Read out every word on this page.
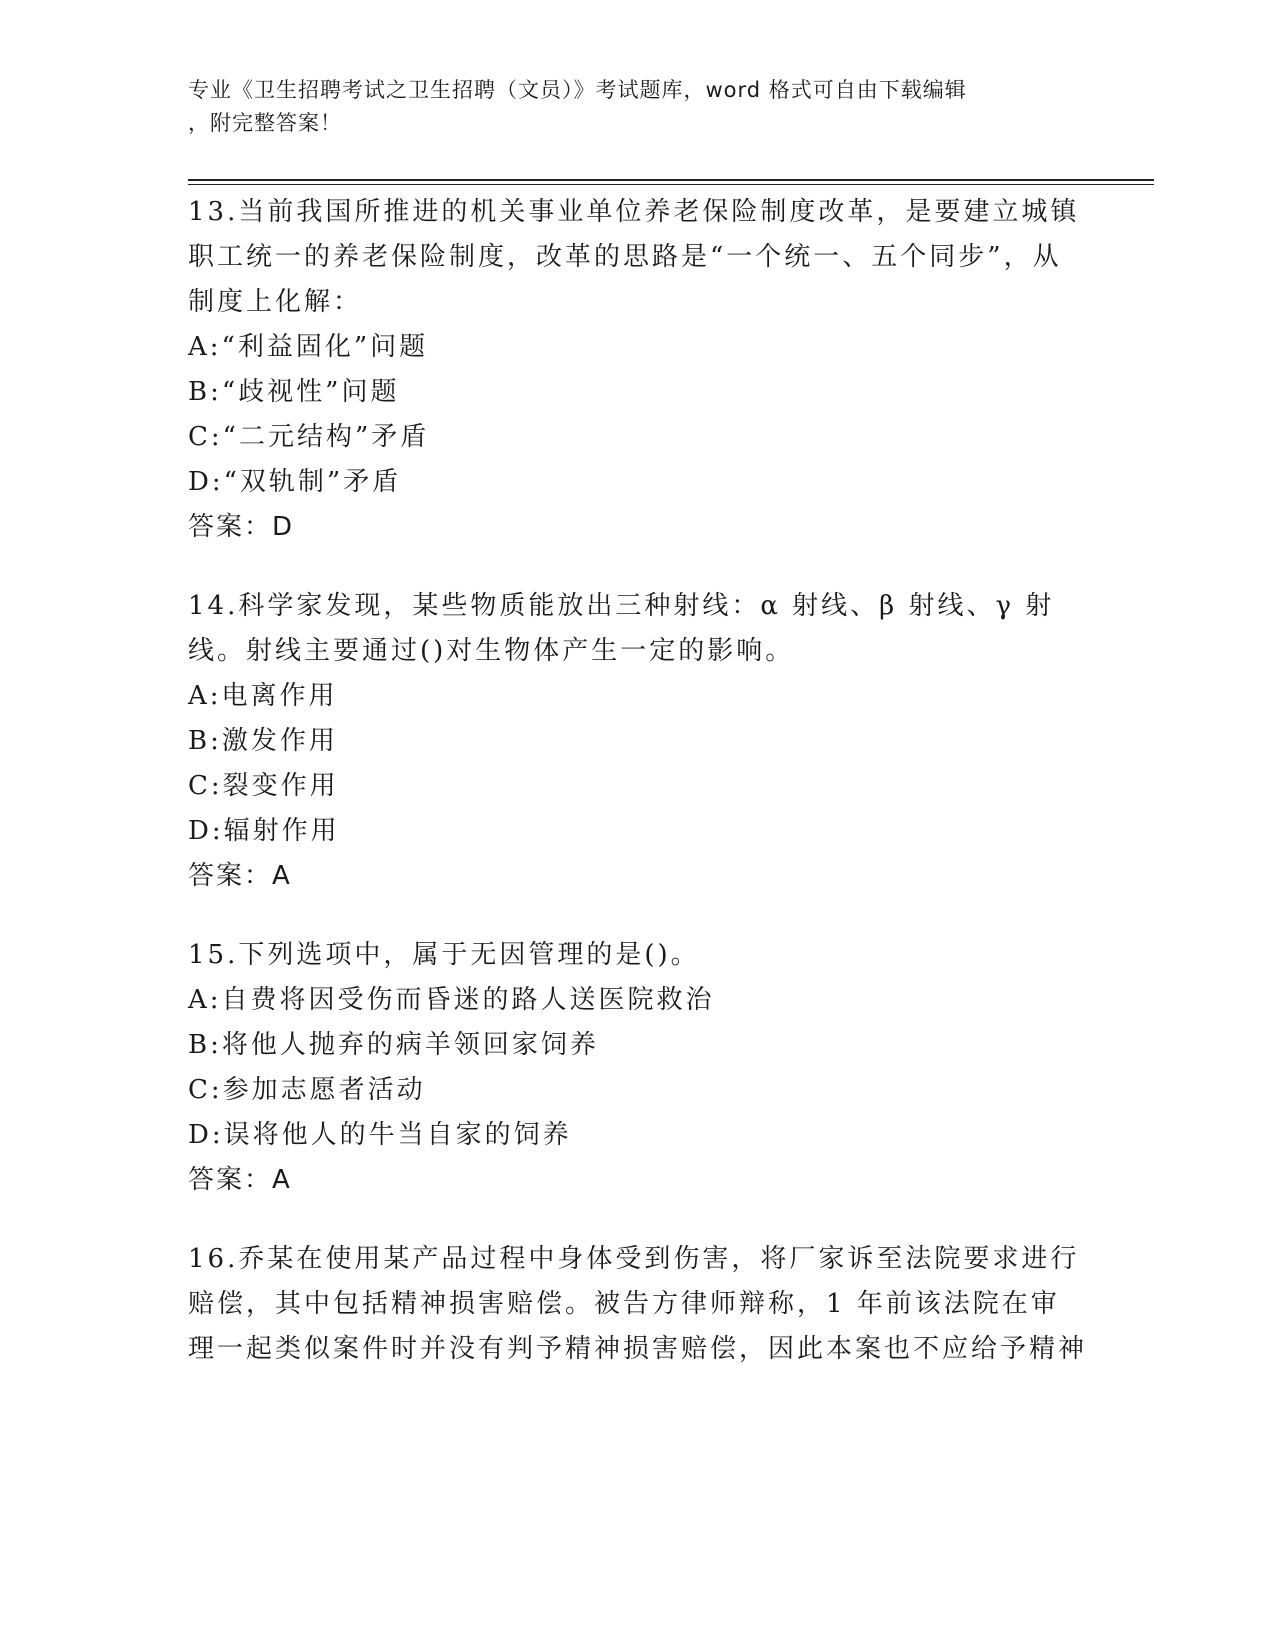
专业《卫生招聘考试之卫生招聘（文员）》考试题库，word 格式可自由下载编辑
，附完整答案！

13.当前我国所推进的机关事业单位养老保险制度改革，是要建立城镇职工统一的养老保险制度，改革的思路是“一个统一、五个同步”，从制度上化解：

A:“利益固化”问题

B:“歧视性”问题

C:“二元结构”矛盾

D:“双轨制”矛盾

答案：D

14.科学家发现，某些物质能放出三种射线：α 射线、β 射线、γ 射线。射线主要通过()对生物体产生一定的影响。

A:电离作用

B:激发作用

C:裂变作用

D:辐射作用

答案：A

15.下列选项中，属于无因管理的是()。

A:自费将因受伤而昏迷的路人送医院救治

B:将他人抛弃的病羊领回家饲养

C:参加志愿者活动

D:误将他人的牛当自家的饲养

答案：A

16.乔某在使用某产品过程中身体受到伤害，将厂家诉至法院要求进行赔偿，其中包括精神损害赔偿。被告方律师辩称，1 年前该法院在审理一起类似案件时并没有判予精神损害赔偿，因此本案也不应给予精神
